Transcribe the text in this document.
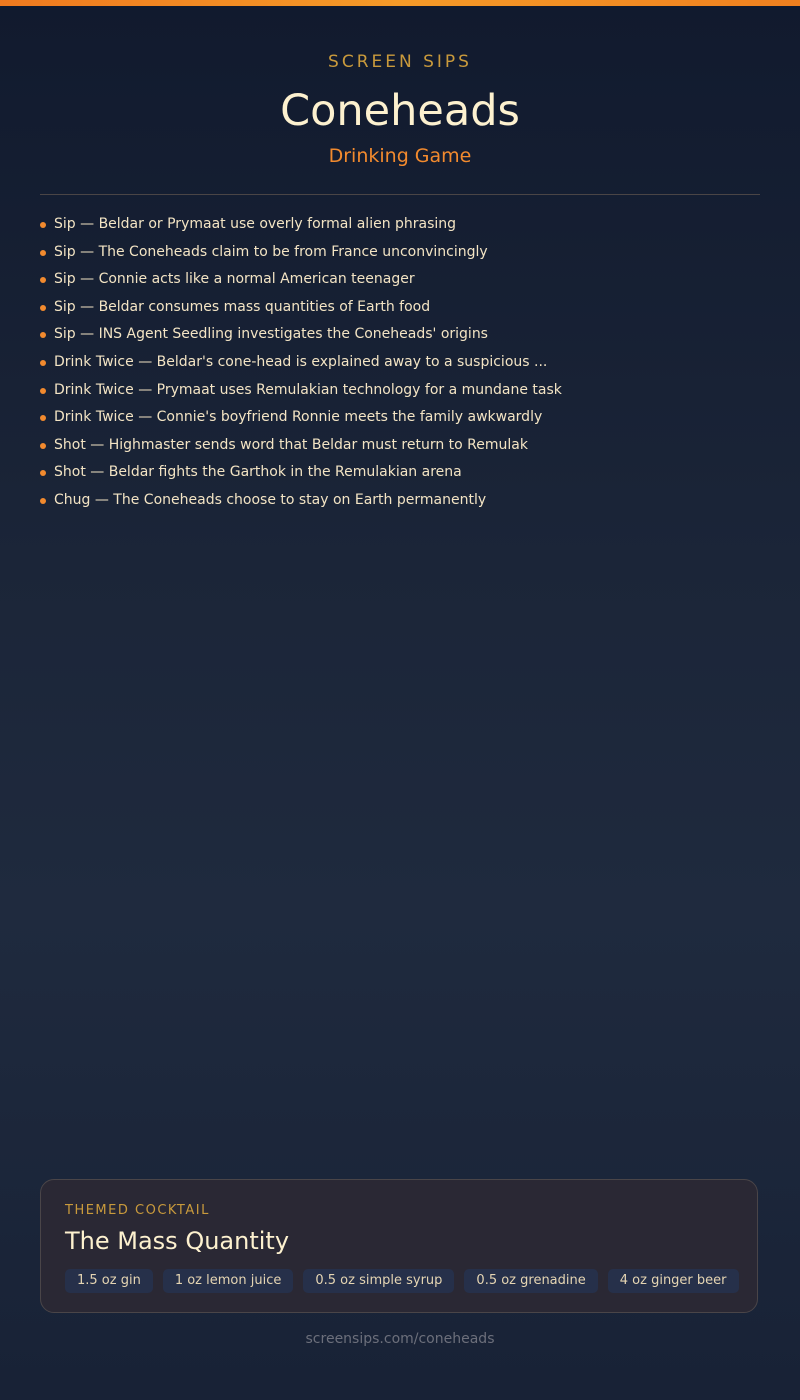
SCREEN SIPS
Coneheads
Drinking Game
Sip — Beldar or Prymaat use overly formal alien phrasing
Sip — The Coneheads claim to be from France unconvincingly
Sip — Connie acts like a normal American teenager
Sip — Beldar consumes mass quantities of Earth food
Sip — INS Agent Seedling investigates the Coneheads' origins
Drink Twice — Beldar's cone-head is explained away to a suspicious ...
Drink Twice — Prymaat uses Remulakian technology for a mundane task
Drink Twice — Connie's boyfriend Ronnie meets the family awkwardly
Shot — Highmaster sends word that Beldar must return to Remulak
Shot — Beldar fights the Garthok in the Remulakian arena
Chug — The Coneheads choose to stay on Earth permanently
THEMED COCKTAIL
The Mass Quantity
1.5 oz gin	1 oz lemon juice	0.5 oz simple syrup	0.5 oz grenadine	4 oz ginger beer
screensips.com/coneheads
